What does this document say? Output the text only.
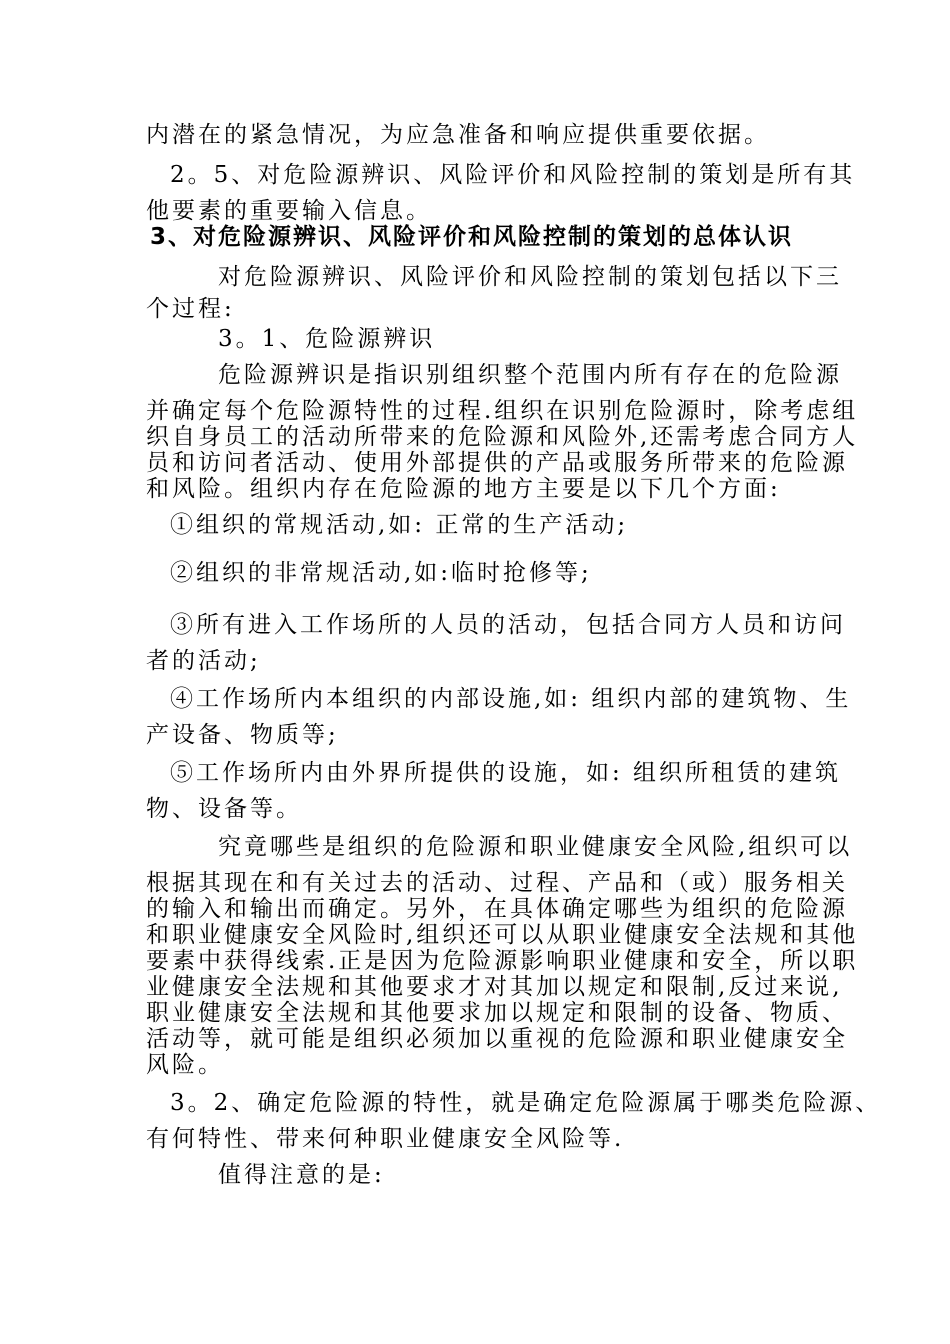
内潜在的紧急情况，为应急准备和响应提供重要依据。
2。5、对危险源辨识、风险评价和风险控制的策划是所有其
他要素的重要输入信息。
3、对危险源辨识、风险评价和风险控制的策划的总体认识
对危险源辨识、风险评价和风险控制的策划包括以下三
个过程:
3。1、危险源辨识
危险源辨识是指识别组织整个范围内所有存在的危险源
并确定每个危险源特性的过程.组织在识别危险源时，除考虑组
织自身员工的活动所带来的危险源和风险外,还需考虑合同方人
员和访问者活动、使用外部提供的产品或服务所带来的危险源
和风险。组织内存在危险源的地方主要是以下几个方面:
①组织的常规活动,如: 正常的生产活动;
②组织的非常规活动,如:临时抢修等;
③所有进入工作场所的人员的活动，包括合同方人员和访问
者的活动;
④工作场所内本组织的内部设施,如: 组织内部的建筑物、生
产设备、物质等;
⑤工作场所内由外界所提供的设施，如: 组织所租赁的建筑
物、设备等。
究竟哪些是组织的危险源和职业健康安全风险,组织可以
根据其现在和有关过去的活动、过程、产品和（或）服务相关
的输入和输出而确定。另外，在具体确定哪些为组织的危险源
和职业健康安全风险时,组织还可以从职业健康安全法规和其他
要素中获得线索.正是因为危险源影响职业健康和安全，所以职
业健康安全法规和其他要求才对其加以规定和限制,反过来说,
职业健康安全法规和其他要求加以规定和限制的设备、物质、
活动等，就可能是组织必须加以重视的危险源和职业健康安全
风险。
3。2、确定危险源的特性，就是确定危险源属于哪类危险源、
有何特性、带来何种职业健康安全风险等.
值得注意的是:
